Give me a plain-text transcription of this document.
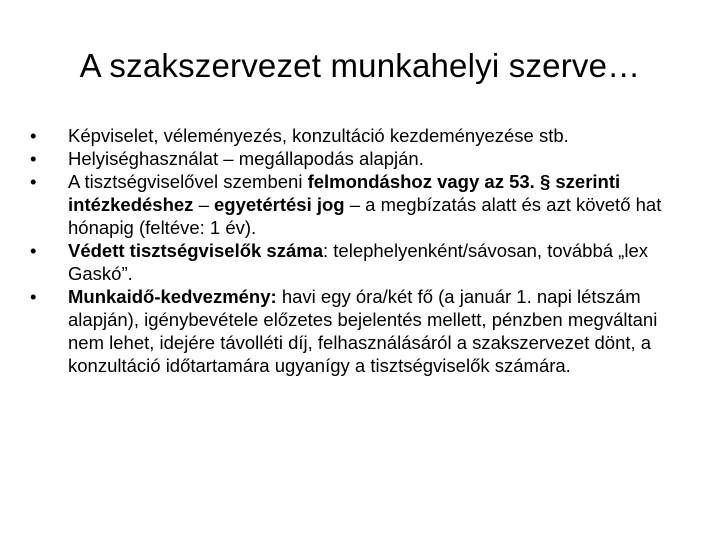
A szakszervezet munkahelyi szerve…
•	Képviselet, véleményezés, konzultáció kezdeményezése stb.
•	Helyiséghasználat – megállapodás alapján.
•	A tisztségviselővel szembeni felmondáshoz vagy az 53. § szerinti intézkedéshez – egyetértési jog – a megbízatás alatt és azt követő hat hónapig (feltéve: 1 év).
•	Védett tisztségviselők száma: telephelyenként/sávosan, továbbá „lex Gaskó”.
•	Munkaidő-kedvezmény: havi egy óra/két fő (a január 1. napi létszám alapján), igénybevétele előzetes bejelentés mellett, pénzben megváltani nem lehet, idejére távolléti díj, felhasználásáról a szakszervezet dönt, a konzultáció időtartamára ugyanígy a tisztségviselők számára.
